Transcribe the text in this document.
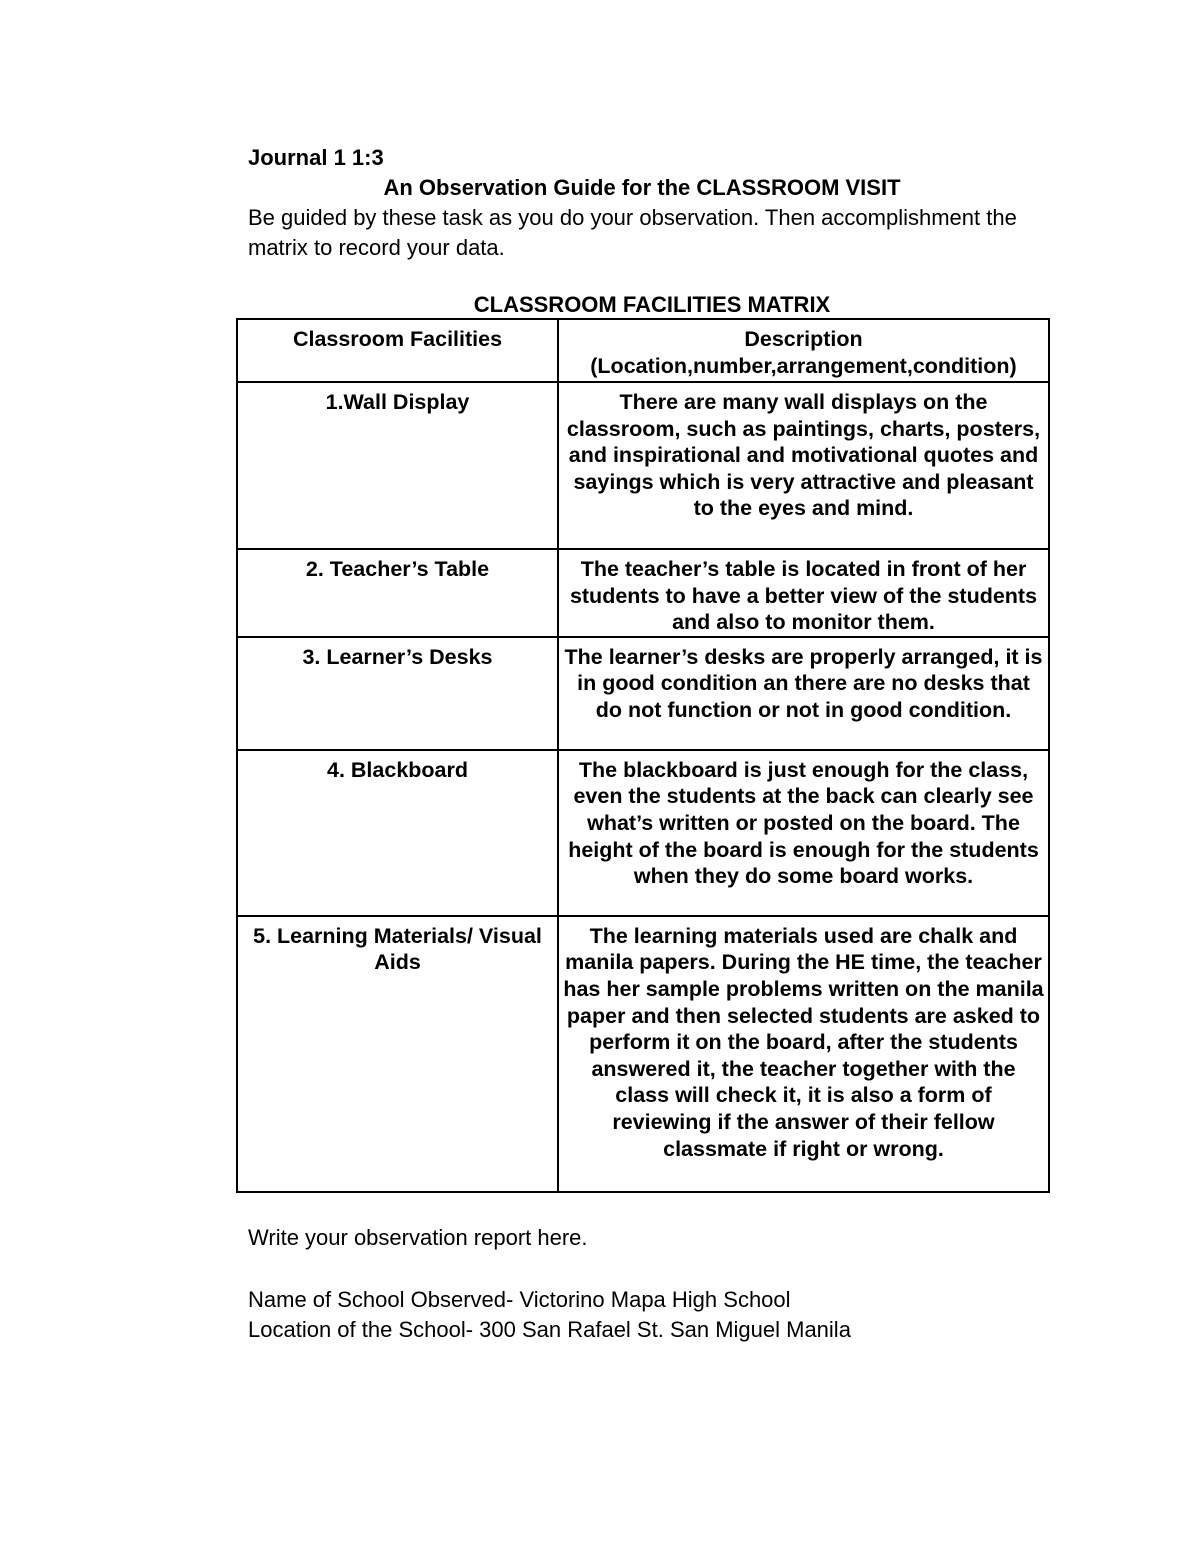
Journal 1 1:3
An Observation Guide for the CLASSROOM VISIT
Be guided by these task as you do your observation. Then accomplishment the matrix to record your data.
CLASSROOM FACILITIES MATRIX
Classroom Facilities	Description
(Location,number,arrangement,condition)

1.Wall Display	There are many wall displays on the classroom, such as paintings, charts, posters, and inspirational and motivational quotes and sayings which is very attractive and pleasant to the eyes and mind.
2. Teacher’s Table	The teacher’s table is located in front of her students to have a better view of the students and also to monitor them.
3. Learner’s Desks	The learner’s desks are properly arranged, it is in good condition an there are no desks that do not function or not in good condition.
4. Blackboard	The blackboard is just enough for the class, even the students at the back can clearly see what’s written or posted on the board. The height of the board is enough for the students when they do some board works.
5. Learning Materials/ Visual Aids	The learning materials used are chalk and manila papers. During the HE time, the teacher has her sample problems written on the manila paper and then selected students are asked to perform it on the board, after the students answered it, the teacher together with the class will check it, it is also a form of reviewing if the answer of their fellow classmate if right or wrong.
Write your observation report here.
Name of School Observed- Victorino Mapa High School
Location of the School- 300 San Rafael St. San Miguel Manila
